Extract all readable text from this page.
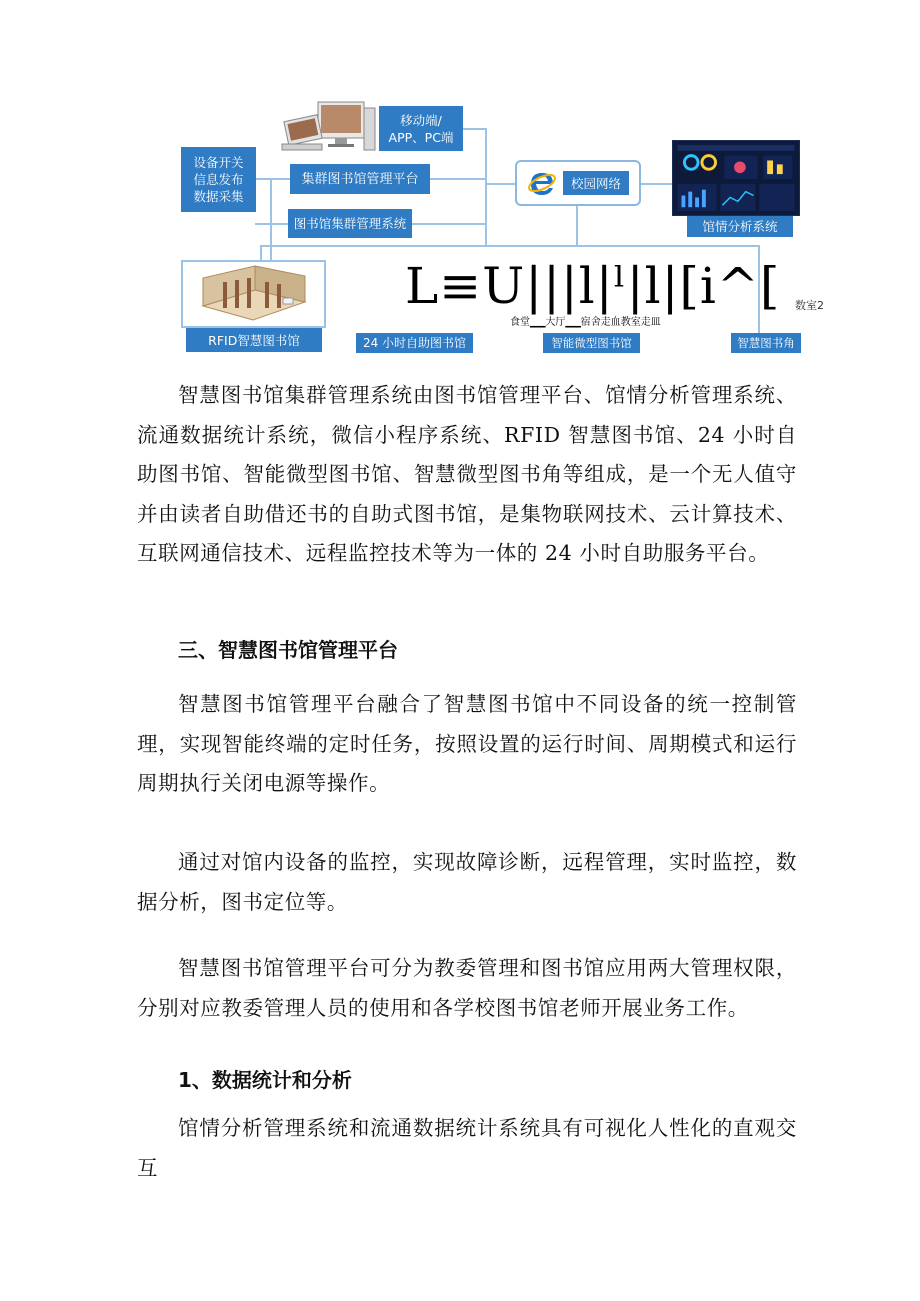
设备开关
信息发布
数据采集
移动端/
APP、PC端
集群图书馆管理平台
图书馆集群管理系统
校园网络
馆情分析系统
RFID智慧图书馆	24 小时自助图书馆	智能微型图书馆	智慧图书角
L≡U|||l|ˡ|l|[i^[
食堂▁▁大厅▁▁宿舍走血教室走皿
数室2

智慧图书馆集群管理系统由图书馆管理平台、馆情分析管理系统、流通数据统计系统，微信小程序系统、RFID 智慧图书馆、24 小时自助图书馆、智能微型图书馆、智慧微型图书角等组成，是一个无人值守并由读者自助借还书的自助式图书馆，是集物联网技术、云计算技术、互联网通信技术、远程监控技术等为一体的 24 小时自助服务平台。

三、智慧图书馆管理平台

智慧图书馆管理平台融合了智慧图书馆中不同设备的统一控制管理，实现智能终端的定时任务，按照设置的运行时间、周期模式和运行周期执行关闭电源等操作。

通过对馆内设备的监控，实现故障诊断，远程管理，实时监控，数据分析，图书定位等。

智慧图书馆管理平台可分为教委管理和图书馆应用两大管理权限，分别对应教委管理人员的使用和各学校图书馆老师开展业务工作。

1、数据统计和分析

馆情分析管理系统和流通数据统计系统具有可视化人性化的直观交互
